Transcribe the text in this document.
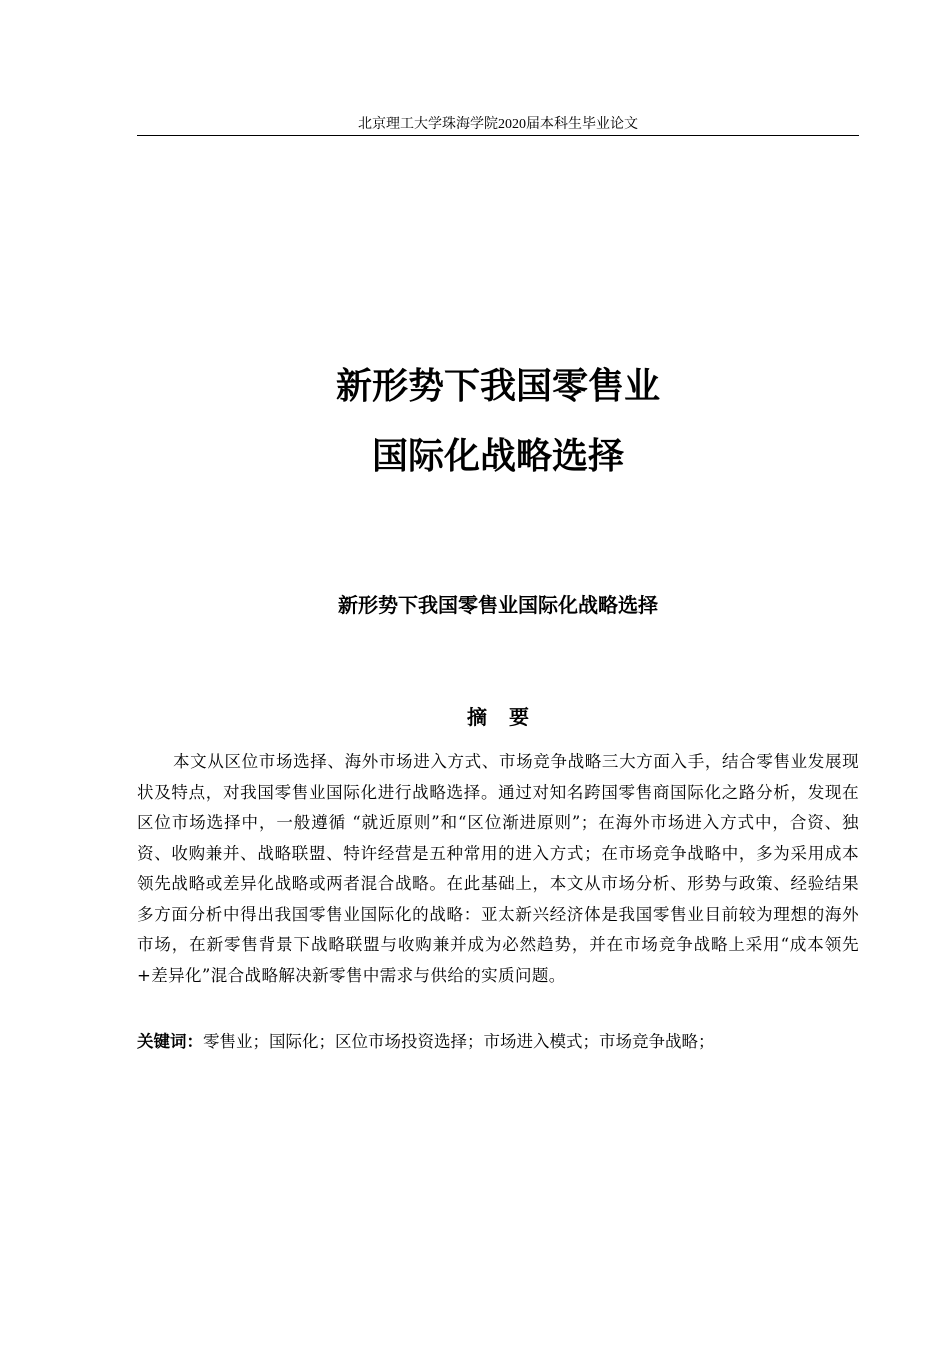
北京理工大学珠海学院2020届本科生毕业论文
新形势下我国零售业
国际化战略选择
新形势下我国零售业国际化战略选择
摘要

本文从区位市场选择、海外市场进入方式、市场竞争战略三大方面入手，结合零售业发展现状及特点，对我国零售业国际化进行战略选择。通过对知名跨国零售商国际化之路分析，发现在区位市场选择中，一般遵循 “就近原则”和“区位渐进原则”；在海外市场进入方式中，合资、独资、收购兼并、战略联盟、特许经营是五种常用的进入方式；在市场竞争战略中，多为采用成本领先战略或差异化战略或两者混合战略。在此基础上，本文从市场分析、形势与政策、经验结果多方面分析中得出我国零售业国际化的战略：亚太新兴经济体是我国零售业目前较为理想的海外市场，在新零售背景下战略联盟与收购兼并成为必然趋势，并在市场竞争战略上采用“成本领先+差异化”混合战略解决新零售中需求与供给的实质问题。

关键词：零售业；国际化；区位市场投资选择；市场进入模式；市场竞争战略；
